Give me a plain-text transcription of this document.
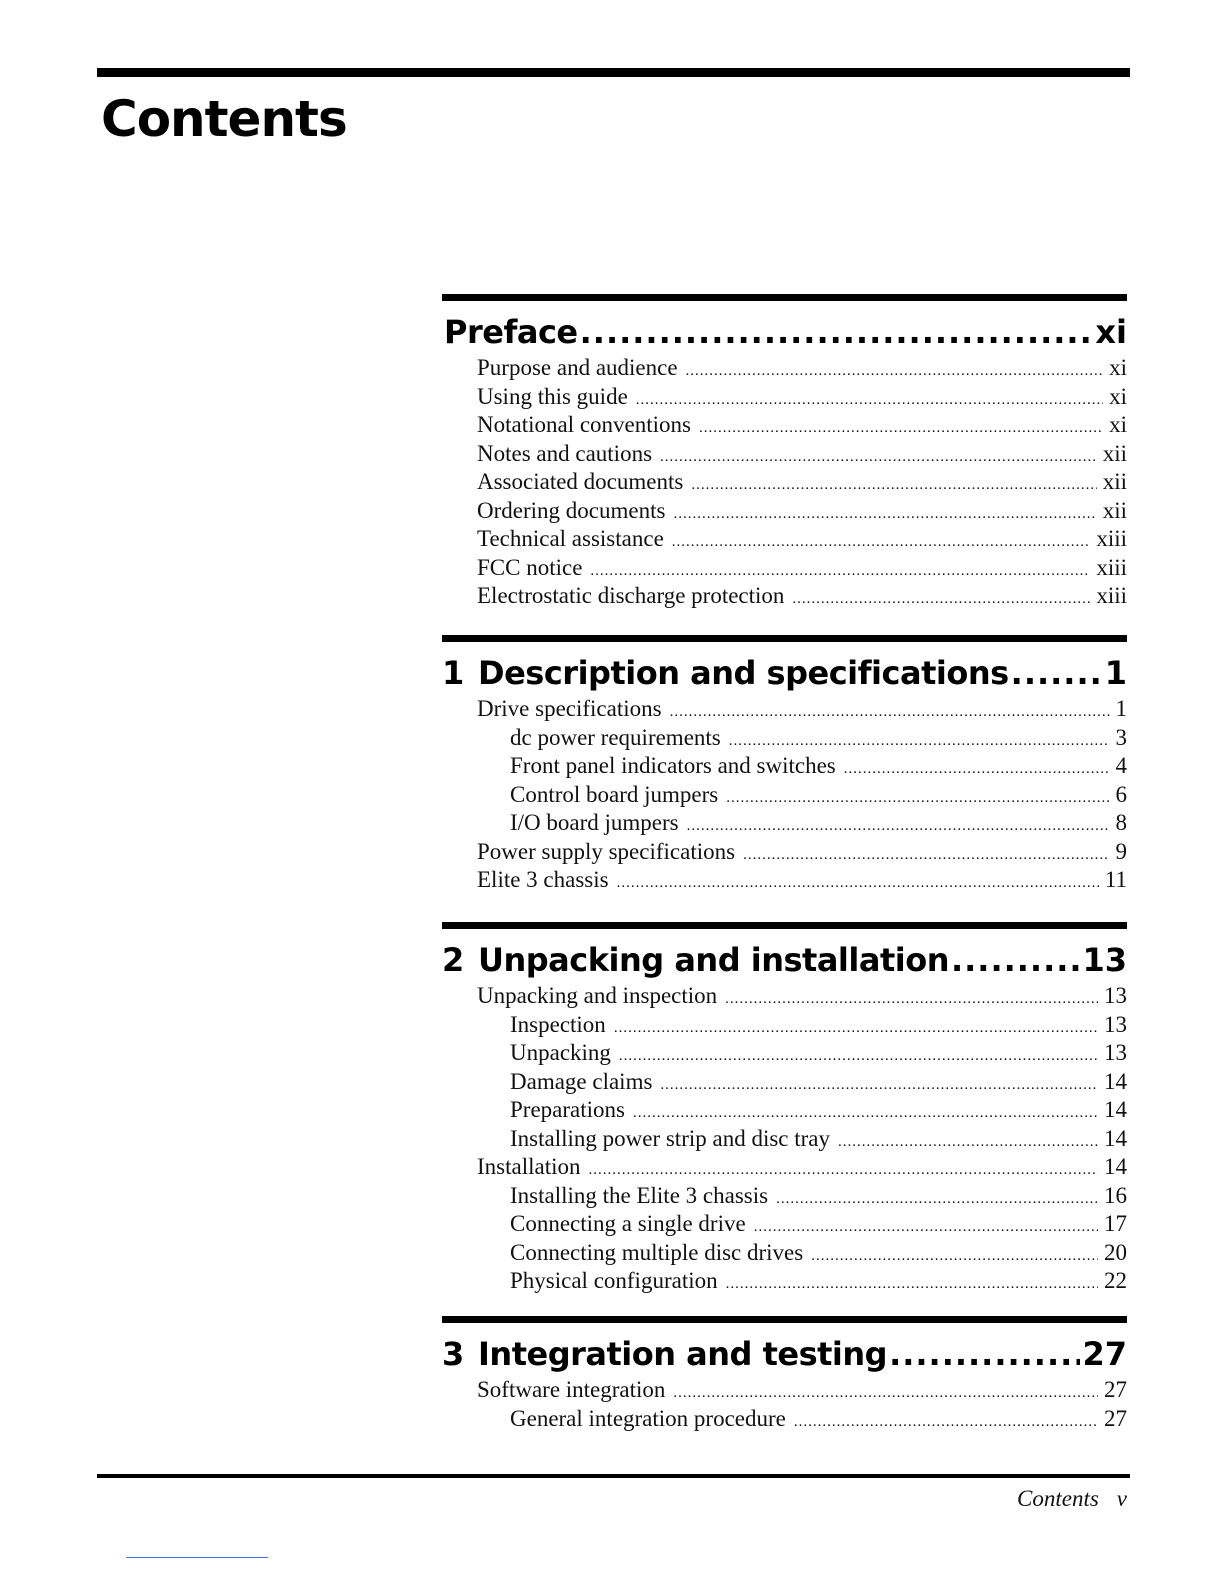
Contents
Preface .....	xi
Purpose and audience .....	xi
Using this guide .....	xi
Notational conventions .....	xi
Notes and cautions .....	xii
Associated documents .....	xii
Ordering documents .....	xii
Technical assistance .....	xiii
FCC notice .....	xiii
Electrostatic discharge protection .....	xiii
1 Description and specifications .....	1
Drive specifications .....	1
dc power requirements .....	3
Front panel indicators and switches .....	4
Control board jumpers .....	6
I/O board jumpers .....	8
Power supply specifications .....	9
Elite 3 chassis .....	11
2 Unpacking and installation .....	13
Unpacking and inspection .....	13
Inspection .....	13
Unpacking .....	13
Damage claims .....	14
Preparations .....	14
Installing power strip and disc tray .....	14
Installation .....	14
Installing the Elite 3 chassis .....	16
Connecting a single drive .....	17
Connecting multiple disc drives .....	20
Physical configuration .....	22
3 Integration and testing .....	27
Software integration .....	27
General integration procedure .....	27
Contents v
